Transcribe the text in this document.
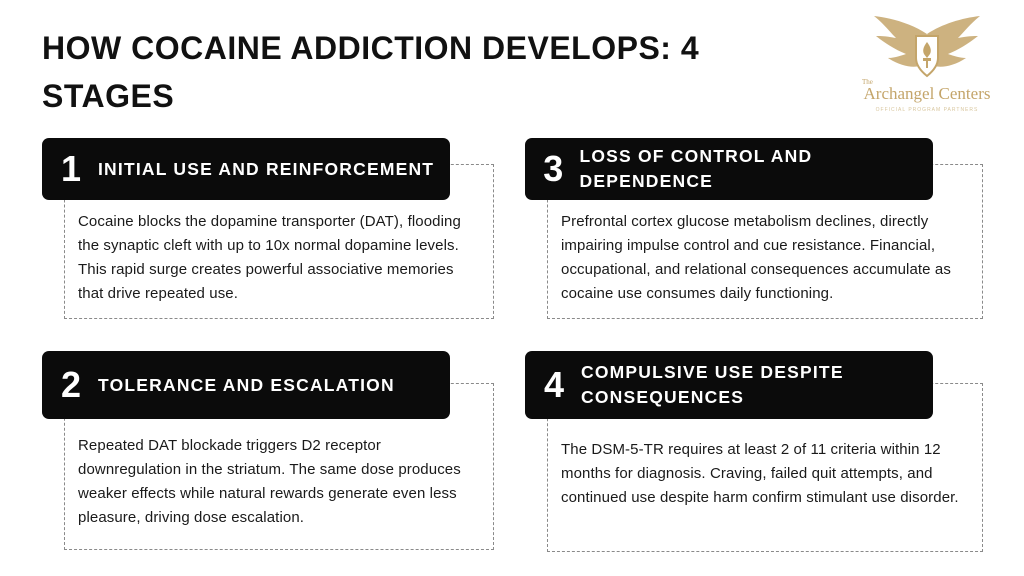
HOW COCAINE ADDICTION DEVELOPS: 4 STAGES	The
Archangel Centers
OFFICIAL PROGRAM PARTNERS
1 INITIAL USE AND REINFORCEMENT
Cocaine blocks the dopamine transporter (DAT), flooding the synaptic cleft with up to 10x normal dopamine levels. This rapid surge creates powerful associative memories that drive repeated use.
2 TOLERANCE AND ESCALATION
Repeated DAT blockade triggers D2 receptor downregulation in the striatum. The same dose produces weaker effects while natural rewards generate even less pleasure, driving dose escalation.
3 LOSS OF CONTROL AND DEPENDENCE
Prefrontal cortex glucose metabolism declines, directly impairing impulse control and cue resistance. Financial, occupational, and relational consequences accumulate as cocaine use consumes daily functioning.
4 COMPULSIVE USE DESPITE CONSEQUENCES
The DSM-5-TR requires at least 2 of 11 criteria within 12 months for diagnosis. Craving, failed quit attempts, and continued use despite harm confirm stimulant use disorder.
